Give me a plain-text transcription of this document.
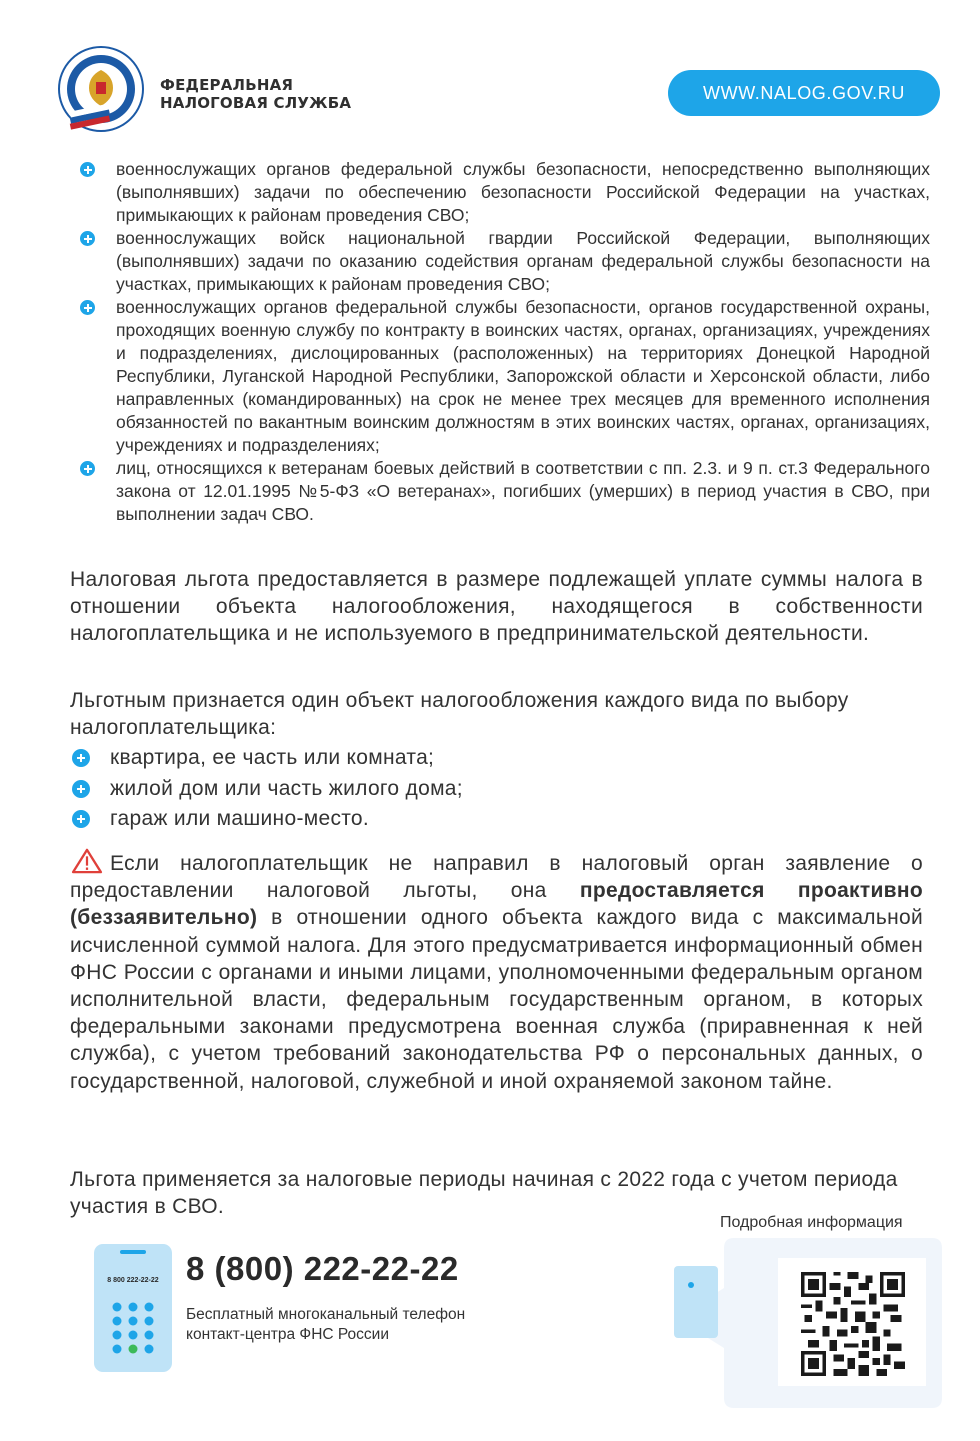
ФЕДЕРАЛЬНАЯ
НАЛОГОВАЯ СЛУЖБА
WWW.NALOG.GOV.RU
военнослужащих органов федеральной службы безопасности, непосредственно выполняющих (выполнявших) задачи по обеспечению безопасности Российской Федерации на участках, примыкающих к районам проведения СВО;
военнослужащих войск национальной гвардии Российской Федерации, выполняющих (выполнявших) задачи по оказанию содействия органам федеральной службы безопасности на участках, примыкающих к районам проведения СВО;
военнослужащих органов федеральной службы безопасности, органов государственной охраны, проходящих военную службу по контракту в воинских частях, органах, организациях, учреждениях и подразделениях, дислоцированных (расположенных) на территориях Донецкой Народной Республики, Луганской Народной Республики, Запорожской области и Херсонской области, либо направленных (командированных) на срок не менее трех месяцев для временного исполнения обязанностей по вакантным воинским должностям в этих воинских частях, органах, организациях, учреждениях и подразделениях;
лиц, относящихся к ветеранам боевых действий в соответствии с пп. 2.3. и 9 п. ст.3 Федерального закона от 12.01.1995 №5-ФЗ «О ветеранах», погибших (умерших) в период участия в СВО, при выполнении задач СВО.
Налоговая льгота предоставляется в размере подлежащей уплате суммы налога в отношении объекта налогообложения, находящегося в собственности налогоплательщика и не используемого в предпринимательской деятельности.
Льготным признается один объект налогообложения каждого вида по выбору налогоплательщика:
квартира, ее часть или комната;
жилой дом или часть жилого дома;
гараж или машино-место.
Если налогоплательщик не направил в налоговый орган заявление о предоставлении налоговой льготы, она предоставляется проактивно (беззаявительно) в отношении одного объекта каждого вида с максимальной исчисленной суммой налога. Для этого предусматривается информационный обмен ФНС России с органами и иными лицами, уполномоченными федеральным органом исполнительной власти, федеральным государственным органом, в которых федеральными законами предусмотрена военная служба (приравненная к ней служба), с учетом требований законодательства РФ о персональных данных, о государственной, налоговой, служебной и иной охраняемой законом тайне.
Льгота применяется за налоговые периоды начиная с 2022 года с учетом периода участия в СВО.
8 800 222-22-22 8 (800) 222-22-22
Бесплатный многоканальный телефон
контакт-центра ФНС России
Подробная информация
